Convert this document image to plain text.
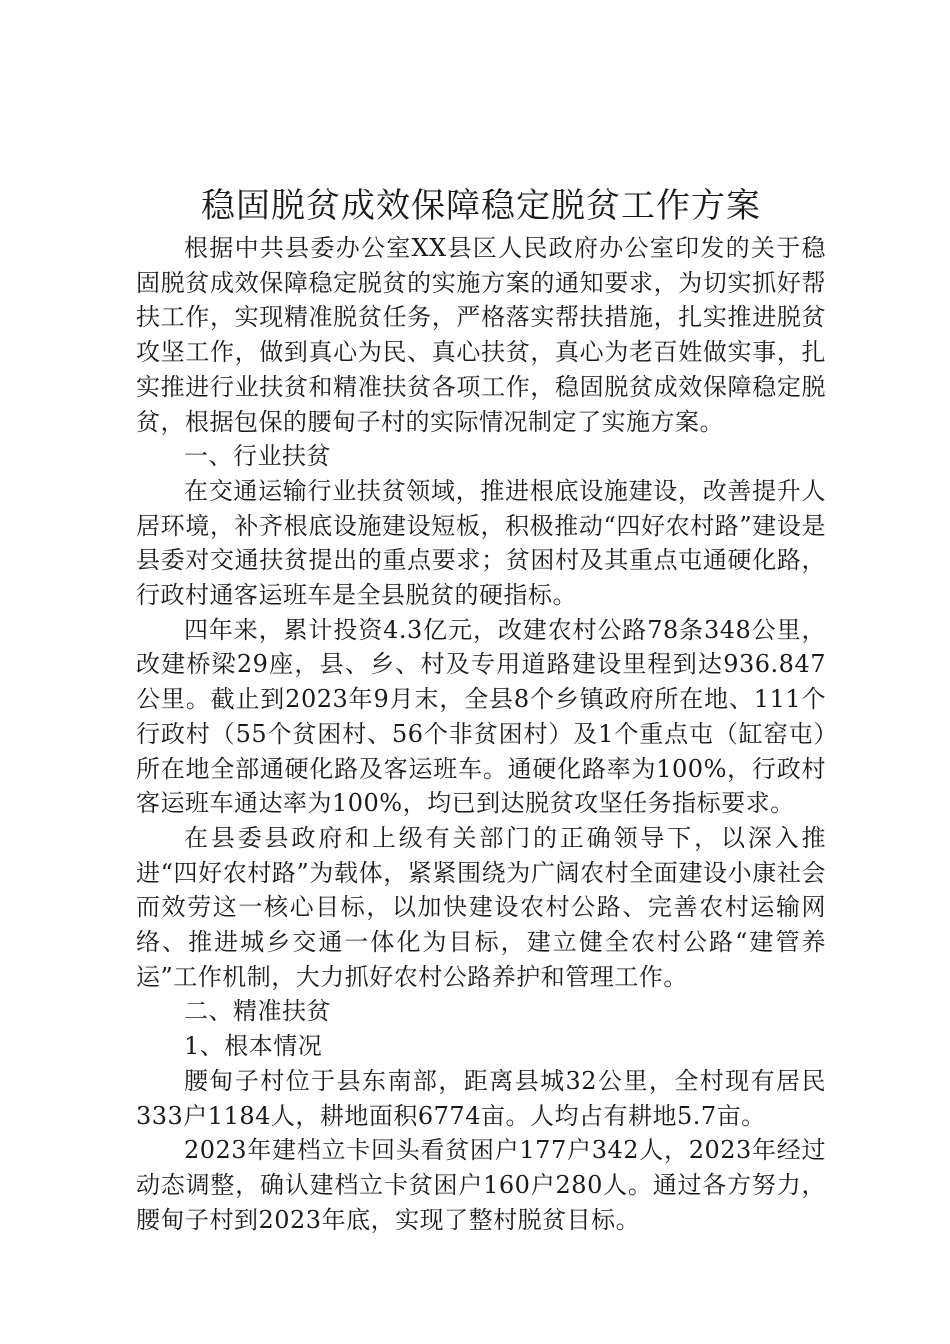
稳固脱贫成效保障稳定脱贫工作方案

根据中共县委办公室XX县区人民政府办公室印发的关于稳固脱贫成效保障稳定脱贫的实施方案的通知要求，为切实抓好帮扶工作，实现精准脱贫任务，严格落实帮扶措施，扎实推进脱贫攻坚工作，做到真心为民、真心扶贫，真心为老百姓做实事，扎实推进行业扶贫和精准扶贫各项工作，稳固脱贫成效保障稳定脱贫，根据包保的腰甸子村的实际情况制定了实施方案。

一、行业扶贫

在交通运输行业扶贫领域，推进根底设施建设，改善提升人居环境，补齐根底设施建设短板，积极推动“四好农村路”建设是县委对交通扶贫提出的重点要求；贫困村及其重点屯通硬化路，行政村通客运班车是全县脱贫的硬指标。

四年来，累计投资4.3亿元，改建农村公路78条348公里，改建桥梁29座，县、乡、村及专用道路建设里程到达936.847公里。截止到2023年9月末，全县8个乡镇政府所在地、111个行政村（55个贫困村、56个非贫困村）及1个重点屯（缸窑屯）所在地全部通硬化路及客运班车。通硬化路率为100%，行政村客运班车通达率为100%，均已到达脱贫攻坚任务指标要求。

在县委县政府和上级有关部门的正确领导下，以深入推进“四好农村路”为载体，紧紧围绕为广阔农村全面建设小康社会而效劳这一核心目标，以加快建设农村公路、完善农村运输网络、推进城乡交通一体化为目标，建立健全农村公路“建管养运”工作机制，大力抓好农村公路养护和管理工作。

二、精准扶贫

1、根本情况

腰甸子村位于县东南部，距离县城32公里，全村现有居民333户1184人，耕地面积6774亩。人均占有耕地5.7亩。

2023年建档立卡回头看贫困户177户342人，2023年经过动态调整，确认建档立卡贫困户160户280人。通过各方努力，腰甸子村到2023年底，实现了整村脱贫目标。
